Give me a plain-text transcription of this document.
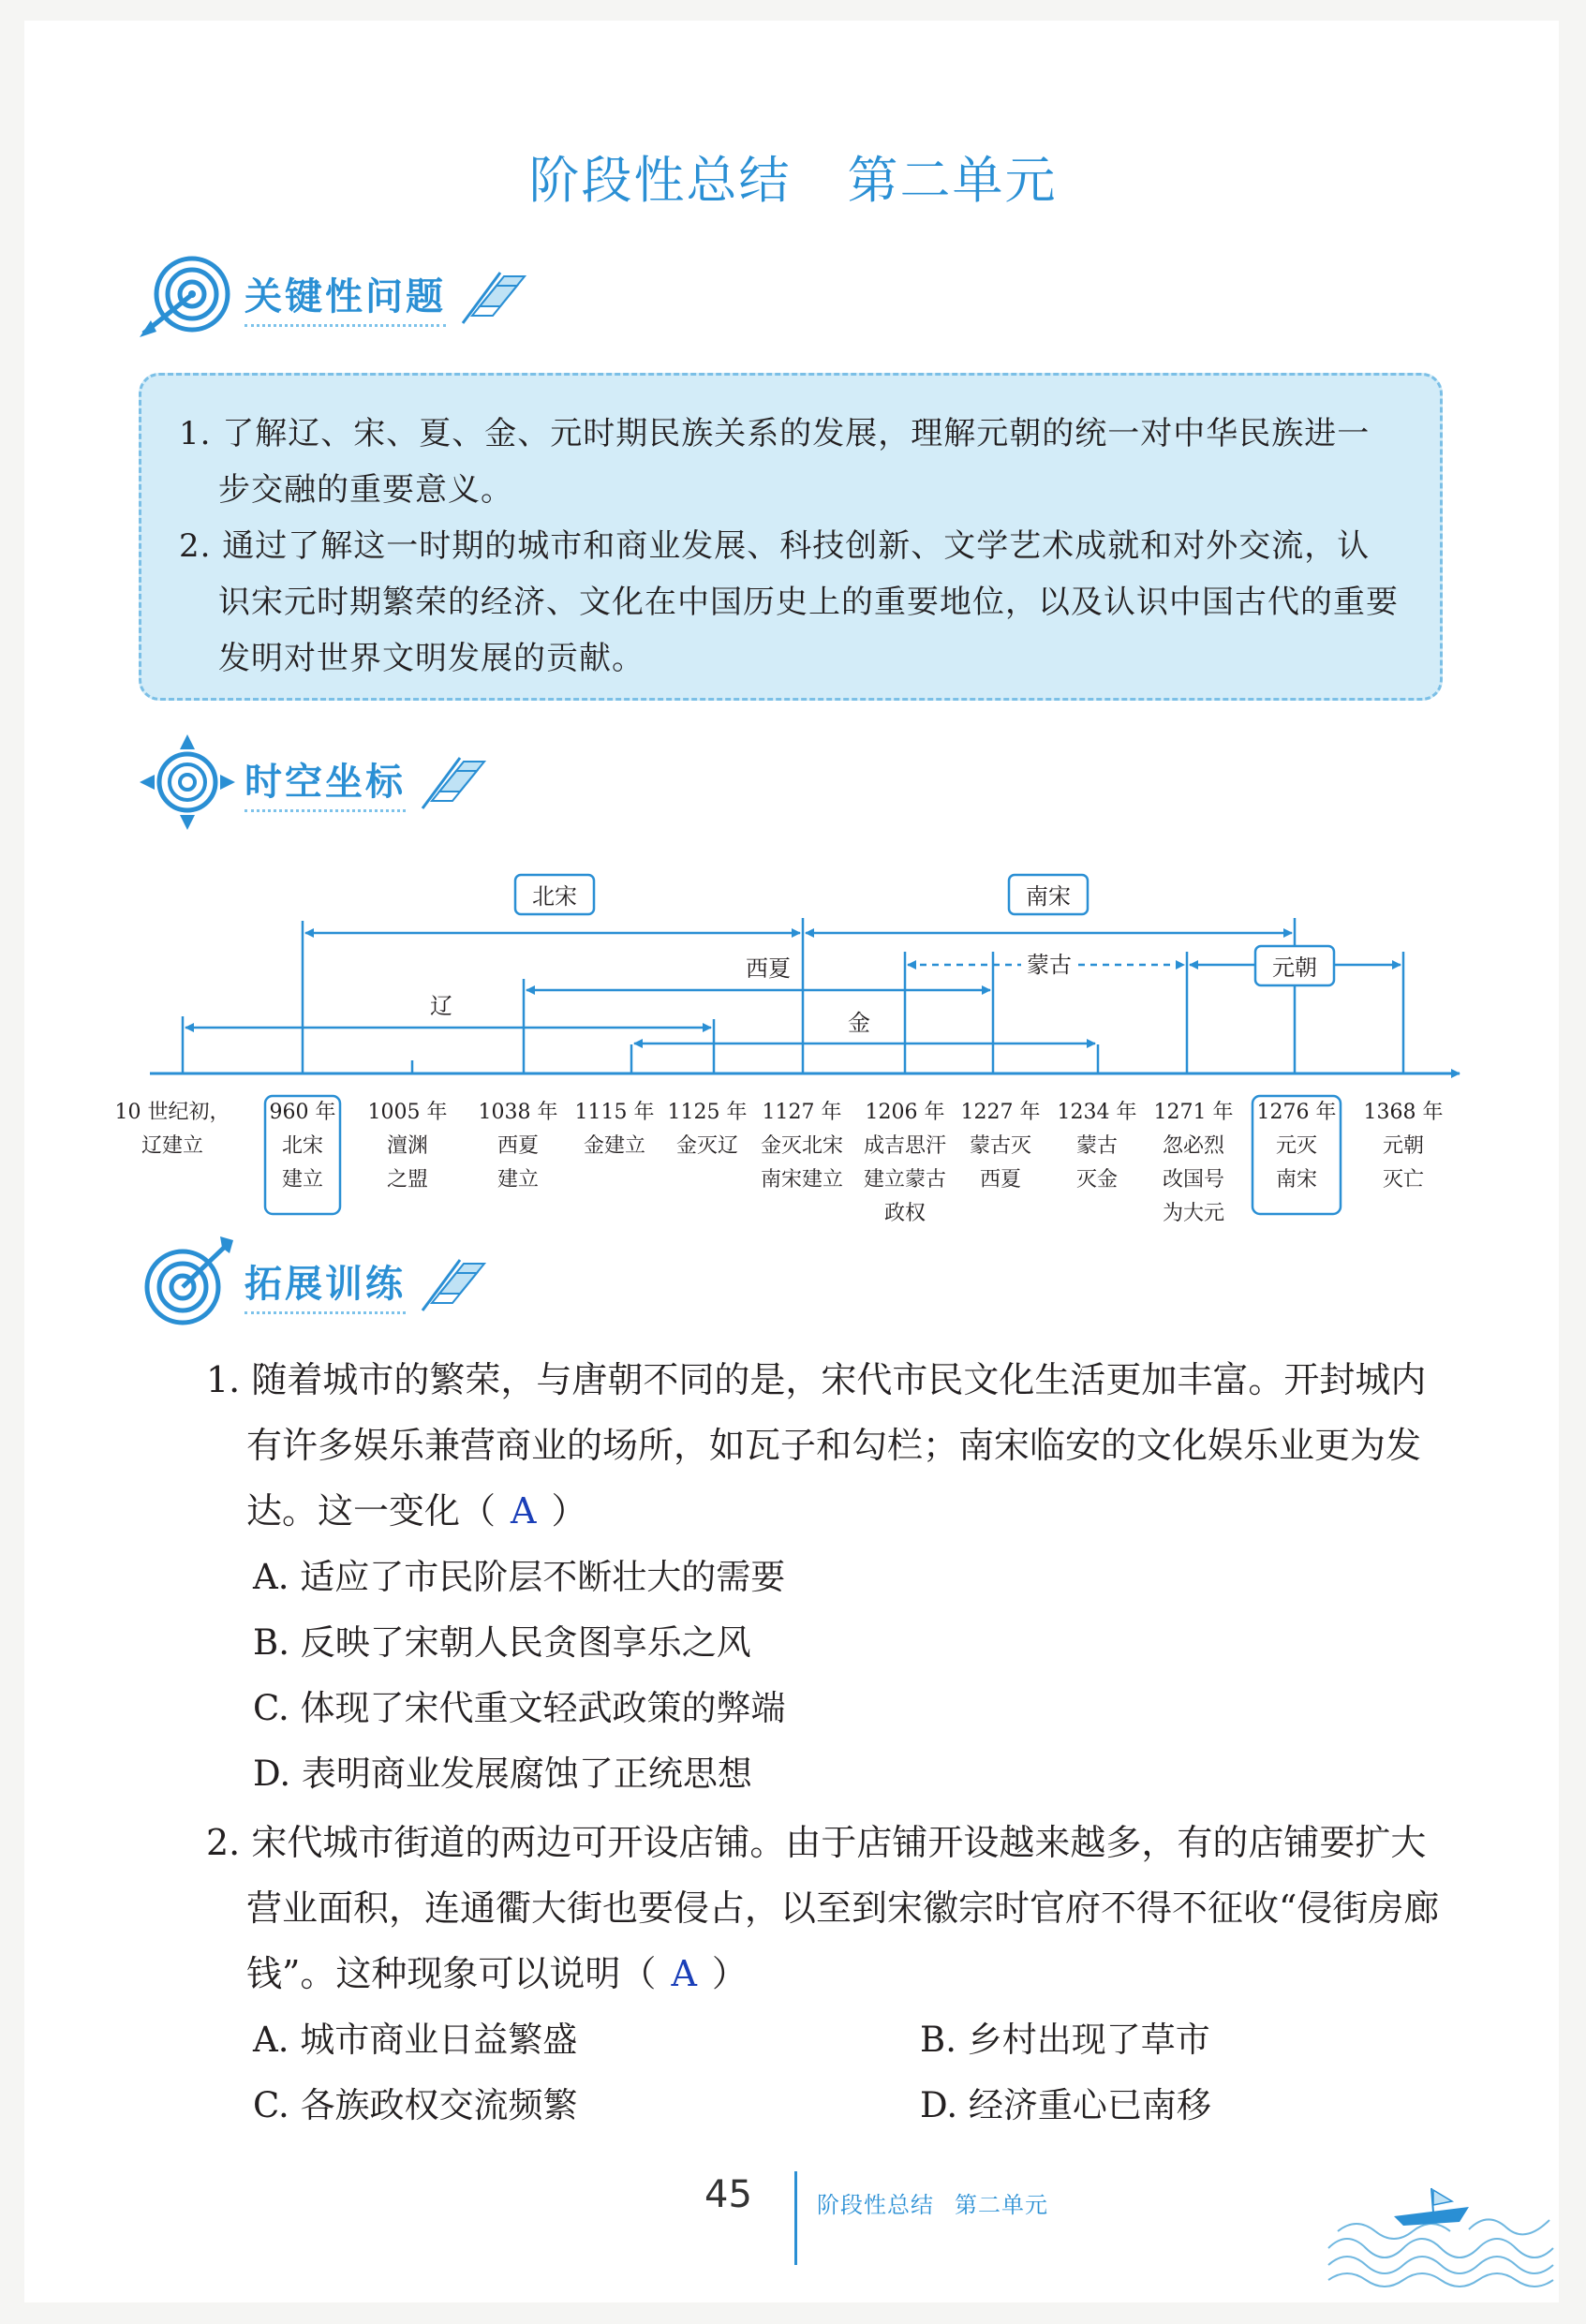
阶段性总结 第二单元
关键性问题

1. 了解辽、宋、夏、金、元时期民族关系的发展，理解元朝的统一对中华民族进一步交融的重要意义。

2. 通过了解这一时期的城市和商业发展、科技创新、文学艺术成就和对外交流，认识宋元时期繁荣的经济、文化在中国历史上的重要地位，以及认识中国古代的重要发明对世界文明发展的贡献。

时空坐标
北宋	南宋
元朝
西夏	蒙古
辽
金
10 世纪初，
辽建立
960 年
北宋
建立
1005 年
澶渊
之盟
1038 年
西夏
建立
1115 年
金建立
1125 年
金灭辽
1127 年
金灭北宋
南宋建立
1206 年
成吉思汗
建立蒙古
政权
1227 年
蒙古灭
西夏
1234 年
蒙古
灭金
1271 年
忽必烈
改国号
为大元
1276 年
元灭
南宋
1368 年
元朝
灭亡
拓展训练

1. 随着城市的繁荣，与唐朝不同的是，宋代市民文化生活更加丰富。开封城内有许多娱乐兼营商业的场所，如瓦子和勾栏；南宋临安的文化娱乐业更为发达。这一变化（ A ）

A. 适应了市民阶层不断壮大的需要
B. 反映了宋朝人民贪图享乐之风
C. 体现了宋代重文轻武政策的弊端
D. 表明商业发展腐蚀了正统思想

2. 宋代城市街道的两边可开设店铺。由于店铺开设越来越多，有的店铺要扩大营业面积，连通衢大街也要侵占，以至到宋徽宗时官府不得不征收“侵街房廊钱”。这种现象可以说明（ A ）

A. 城市商业日益繁盛	B. 乡村出现了草市
C. 各族政权交流频繁	D. 经济重心已南移
45	阶段性总结 第二单元
